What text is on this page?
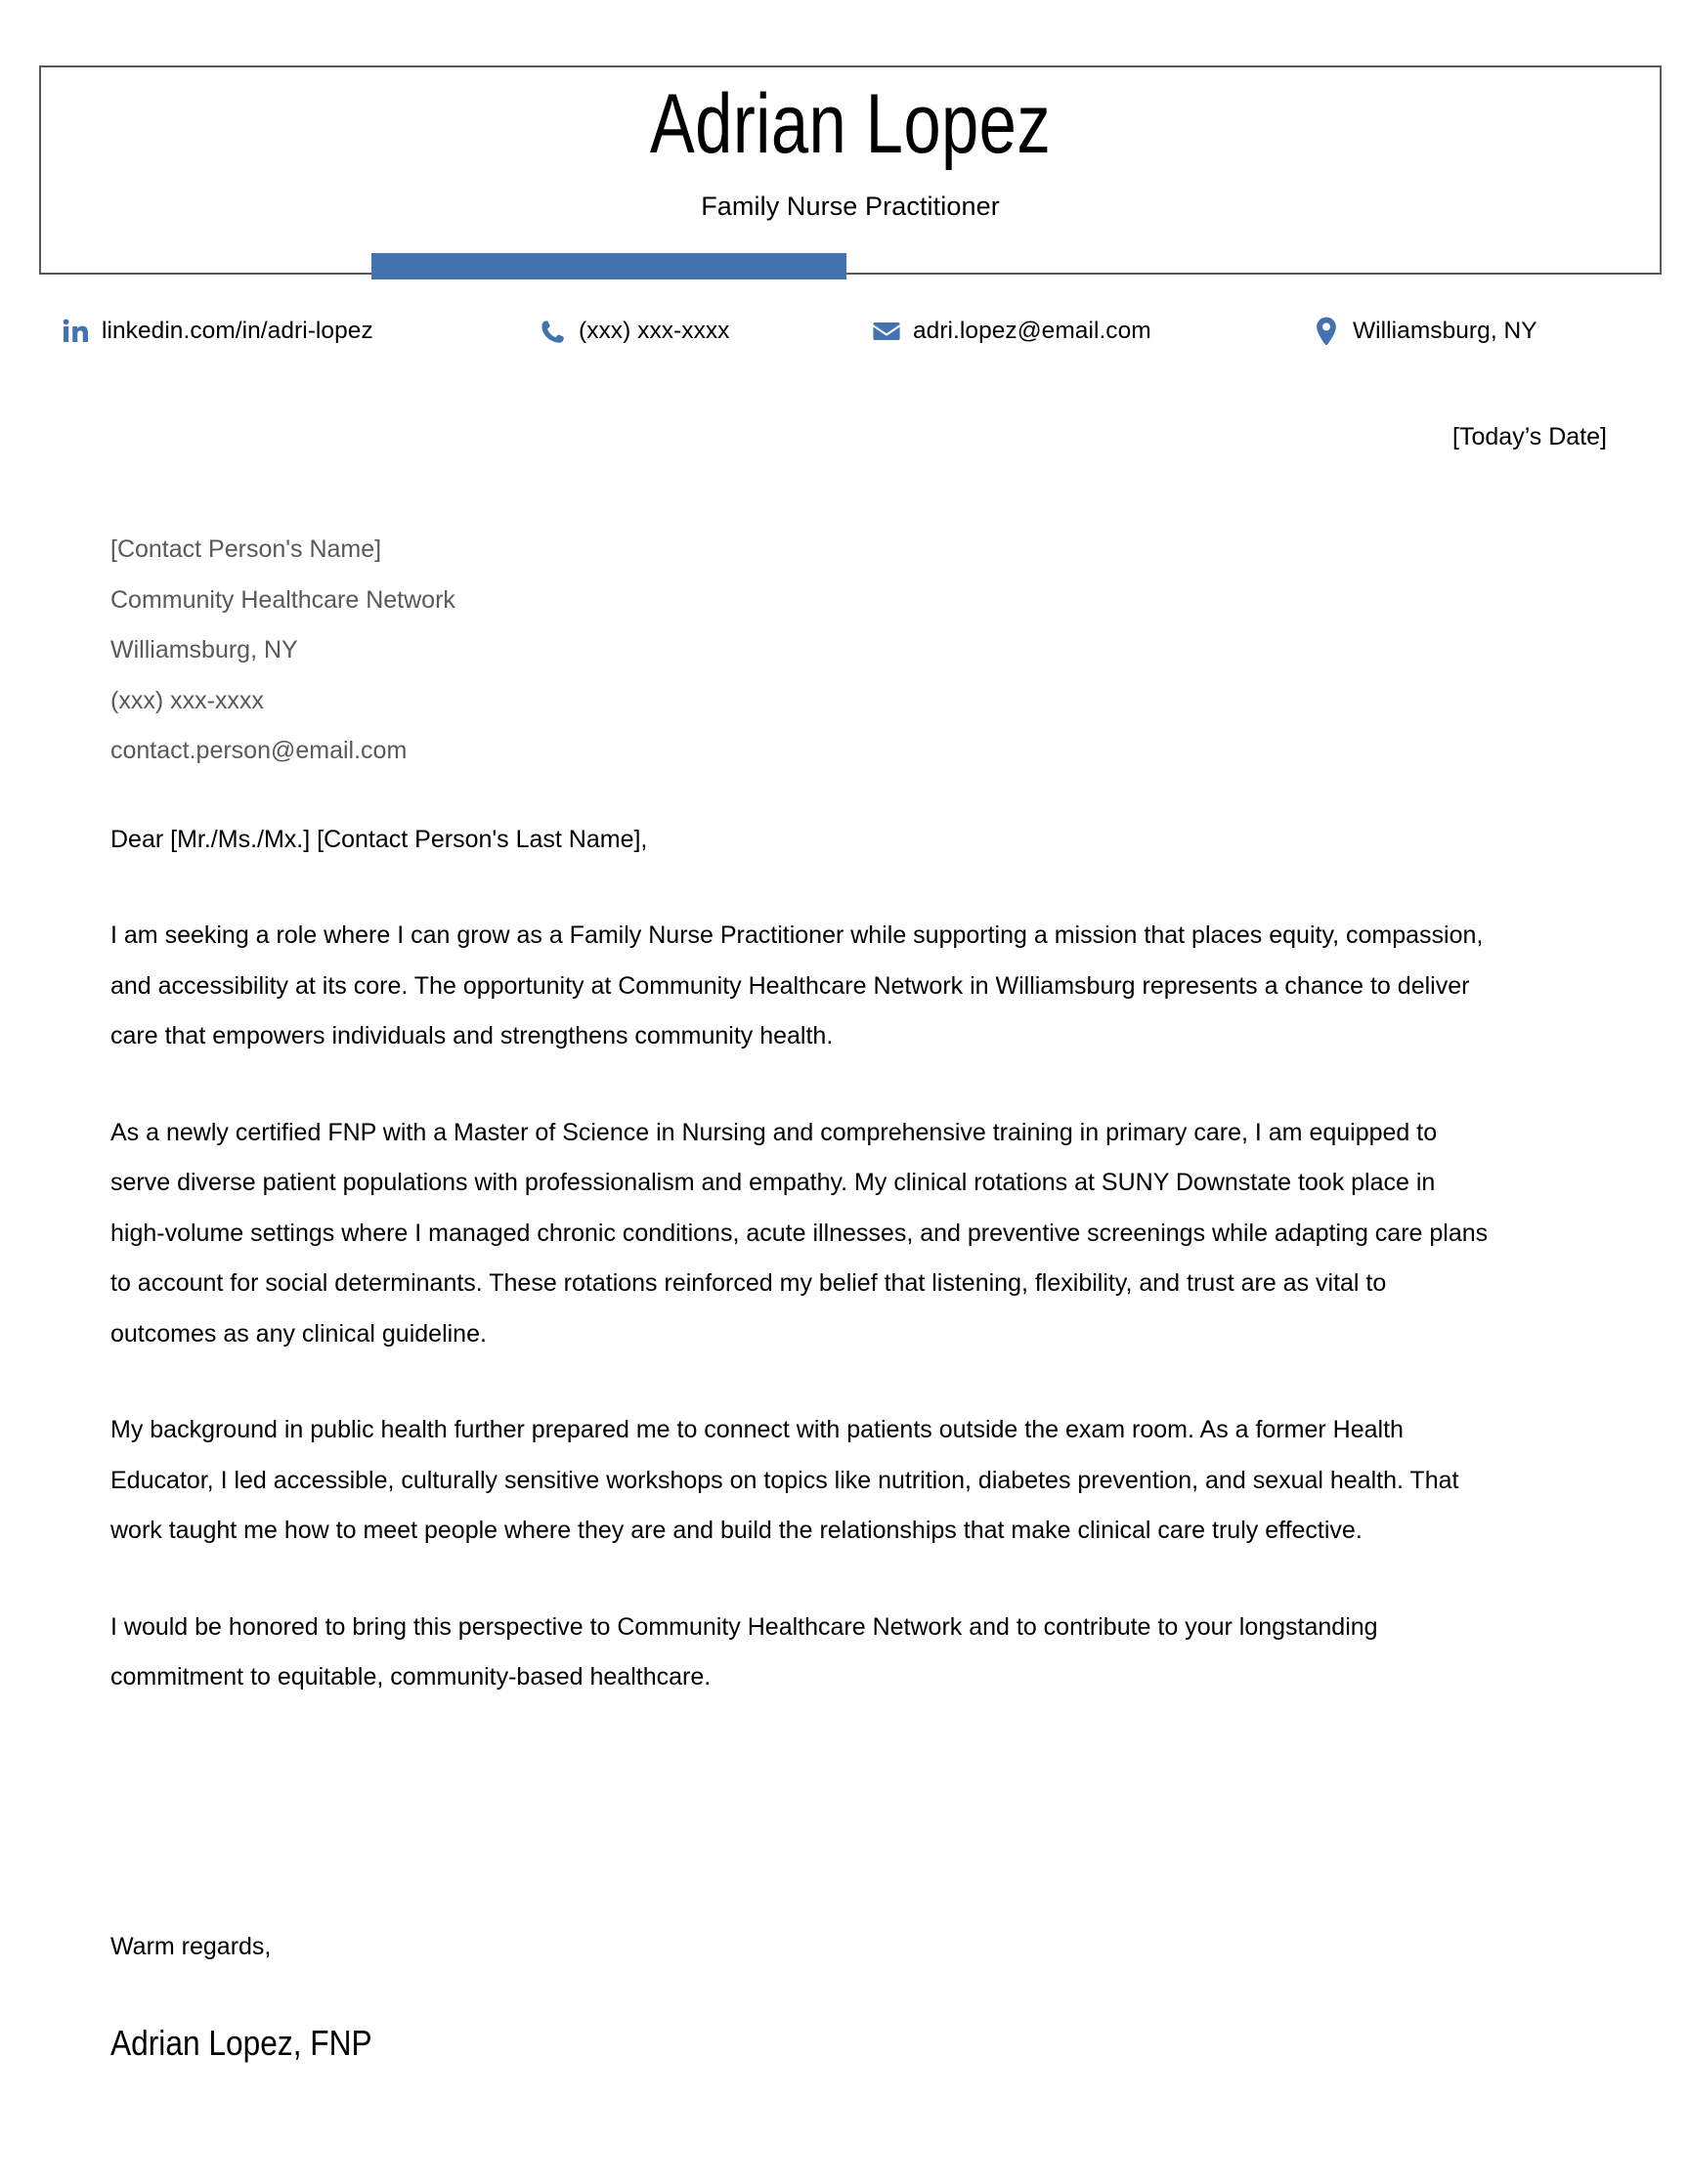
Adrian Lopez
Family Nurse Practitioner
linkedin.com/in/adri-lopez	(xxx) xxx-xxxx	adri.lopez@email.com	Williamsburg, NY
[Today’s Date]
[Contact Person's Name]
Community Healthcare Network
Williamsburg, NY
(xxx) xxx-xxxx
contact.person@email.com
Dear [Mr./Ms./Mx.] [Contact Person's Last Name],

I am seeking a role where I can grow as a Family Nurse Practitioner while supporting a mission that places equity, compassion, and accessibility at its core. The opportunity at Community Healthcare Network in Williamsburg represents a chance to deliver care that empowers individuals and strengthens community health.

As a newly certified FNP with a Master of Science in Nursing and comprehensive training in primary care, I am equipped to serve diverse patient populations with professionalism and empathy. My clinical rotations at SUNY Downstate took place in high-volume settings where I managed chronic conditions, acute illnesses, and preventive screenings while adapting care plans to account for social determinants. These rotations reinforced my belief that listening, flexibility, and trust are as vital to outcomes as any clinical guideline.

My background in public health further prepared me to connect with patients outside the exam room. As a former Health Educator, I led accessible, culturally sensitive workshops on topics like nutrition, diabetes prevention, and sexual health. That work taught me how to meet people where they are and build the relationships that make clinical care truly effective.

I would be honored to bring this perspective to Community Healthcare Network and to contribute to your longstanding commitment to equitable, community-based healthcare.

Warm regards,
Adrian Lopez, FNP
